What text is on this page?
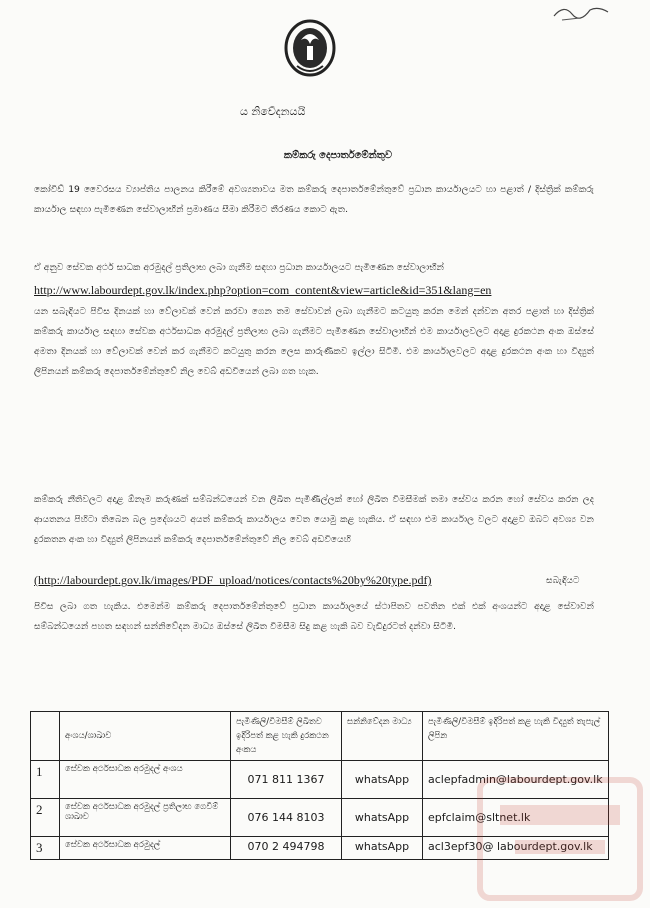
ය නිවේදනයයි
කම්කරු දෙපාර්තමේන්තුව
කෝවිඩ් 19 වෛරසය ව්‍යාප්තිය පාලනය කිරීමේ අවශ්‍යතාවය මත කම්කරු දෙපාර්තමේන්තුවේ ප්‍රධාන කාර්යාලයට හා පළාත් / දිස්ත්‍රික් කම්කරු කාර්යාල සඳහා පැමිණෙන සේවාලාභීන් ප්‍රමාණය සීමා කිරීමට තීරණය කොට ඇත.
ඒ අනුව සේවක අර්ථ සාධක අරමුදල් ප්‍රතිලාභ ලබා ගැනීම සඳහා ප්‍රධාන කාර්යාලයට පැමිණෙන සේවාලාභීන්
http://www.labourdept.gov.lk/index.php?option=com_content&view=article&id=351&lang=en
යන සබැඳියට පිවිස දිනයක් හා වේලාවක් වෙන් කරවා ගෙන තම සේවාවන් ලබා ගැනීමට කටයුතු කරන මෙන් දන්වන අතර පළාත් හා දිස්ත්‍රික් කම්කරු කාර්යාල සඳහා සේවක අර්ථසාධක අරමුදල් ප්‍රතිලාභ ලබා ගැනීමට පැමිණෙන සේවාලාභීන් එම කාර්යාලවලට අදාළ දුරකථන අංක ඔස්සේ අමතා දිනයක් හා වේලාවක් වෙන් කර ගැනීමට කටයුතු කරන ලෙස කාරුණිකව ඉල්ලා සිටිමි. එම කාර්යාලවලට අදාළ දුරකථන අංක හා විද්‍යුත් ලිපිනයන් කම්කරු දෙපාර්තමේන්තුවේ නිල වෙබ් අඩවියෙන් ලබා ගත හැක.
කම්කරු නීතිවලට අදාළ ඕනෑම කරුණක් සම්බන්ධයෙන් වන ලිඛිත පැමිණිල්ලක් හෝ ලිඛිත විමසීමක් තමා සේවය කරන හෝ සේවය කරන ලද ආයතනය පිහිටා තිබෙන බල ප්‍රදේශයට අයත් කම්කරු කාර්යාලය වෙත යොමු කළ හැකිය. ඒ සඳහා එම කාර්යාල වලට අදාළව ඔබට අවශ්‍ය වන දුරකතන අංක හා විද්‍යුත් ලිපිනයන් කම්කරු දෙපාර්තමේන්තුවේ නිල වෙබ් අඩවියෙහි
(http://labourdept.gov.lk/images/PDF_upload/notices/contacts%20by%20type.pdf)	සබැඳියට
පිවිස ලබා ගත හැකිය. එමෙන්ම කම්කරු දෙපාර්තමේන්තුවේ ප්‍රධාන කාර්යාලයේ ස්ථාපිතව පවතින එක් එක් අංශයන්ට අදාළ සේවාවන් සම්බන්ධයෙන් පහත සඳහන් සන්නිවේදන මාධ්‍ය ඔස්සේ ලිඛිත විමසීම සිදු කළ හැකි බව වැඩිදුරටත් දන්වා සිටිමි.
	අංශය/ශාඛාව	පැමිණිලි/විමසීම් ලිඛිතව ඉදිරිපත් කළ හැකි දුරකථන අංකය	සන්නිවේදන මාධ්‍ය	පැමිණිලි/විමසීම් ඉදිරිපත් කළ හැකි විද්‍යුත් තැපැල් ලිපින
1	සේවක අර්ථසාධක අරමුදල් අංශය	071 811 1367	whatsApp	aclepfadmin@labourdept.gov.lk
2	සේවක අර්ථසාධක අරමුදල් ප්‍රතිලාභ ගෙවීම් ශාඛාව	076 144 8103	whatsApp	epfclaim@sltnet.lk
3	සේවක අර්ථසාධක අරමුදල්	070 2 494798	whatsApp	acl3epf30@ labourdept.gov.lk
